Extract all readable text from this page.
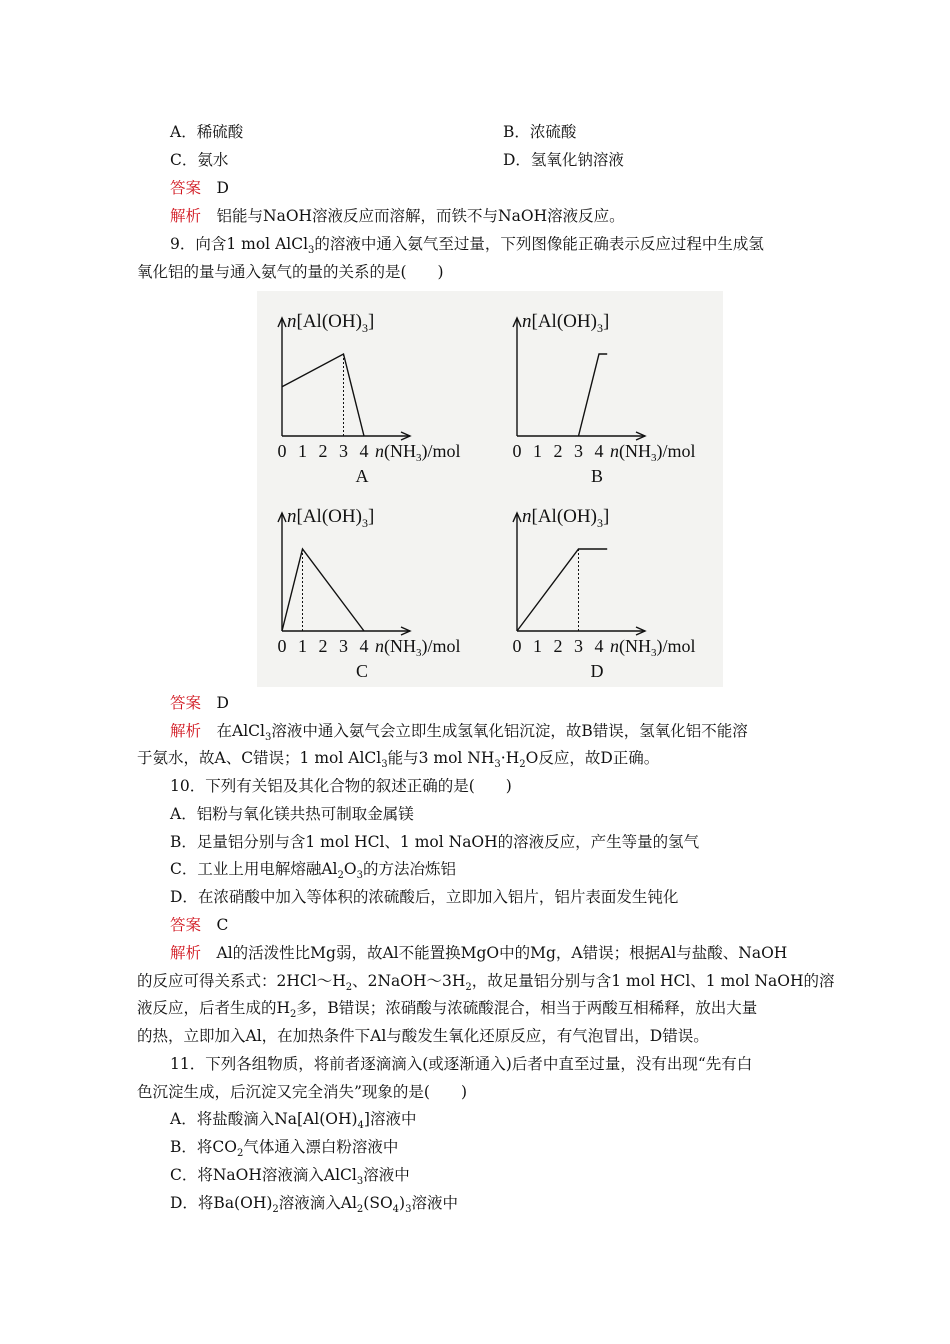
A．稀硫酸	B．浓硫酸
C．氨水	D．氢氧化钠溶液
答案　 D
解析　 铝能与NaOH溶液反应而溶解，而铁不与NaOH溶液反应。
9．向含1 mol AlCl$_3$的溶液中通入氨气至过量，下列图像能正确表示反应过程中生成氢
氧化铝的量与通入氨气的量的关系的是(　　)
$n[Al(OH)_3]$
0 1 2 3 4 $n(NH_3)$/mol
A
$n[Al(OH)_3]$
0 1 2 3 4 $n(NH_3)$/mol
B
$n[Al(OH)_3]$
0 1 2 3 4 $n(NH_3)$/mol
C
$n[Al(OH)_3]$
0 1 2 3 4 $n(NH_3)$/mol
D
答案　 D
解析　 在AlCl$_3$溶液中通入氨气会立即生成氢氧化铝沉淀，故B错误，氢氧化铝不能溶
于氨水，故A、C错误；1 mol AlCl$_3$能与3 mol $NH_3\cdot H_2O$反应，故D正确。
10．下列有关铝及其化合物的叙述正确的是(　　)
A．铝粉与氧化镁共热可制取金属镁
B．足量铝分别与含1 mol HCl、1 mol NaOH的溶液反应，产生等量的氢气
C．工业上用电解熔融$Al_2O_3$的方法冶炼铝
D．在浓硝酸中加入等体积的浓硫酸后，立即加入铝片，铝片表面发生钝化
答案　 C
解析　 Al的活泼性比Mg弱，故Al不能置换MgO中的Mg，A错误；根据Al与盐酸、NaOH
的反应可得关系式：$2HCl\sim H_2$、$2NaOH\sim 3H_2$，故足量铝分别与含1 mol HCl、1 mol NaOH的溶
液反应，后者生成的$H_2$多，B错误；浓硝酸与浓硫酸混合，相当于两酸互相稀释，放出大量
的热，立即加入Al，在加热条件下Al与酸发生氧化还原反应，有气泡冒出，D错误。
11．下列各组物质，将前者逐滴滴入(或逐渐通入)后者中直至过量，没有出现“先有白
色沉淀生成，后沉淀又完全消失”现象的是(　　)
A．将盐酸滴入$Na[Al(OH)_4]$溶液中
B．将$CO_2$气体通入漂白粉溶液中
C．将NaOH溶液滴入AlCl$_3$溶液中
D．将$Ba(OH)_2$溶液滴入$Al_2(SO_4)_3$溶液中
